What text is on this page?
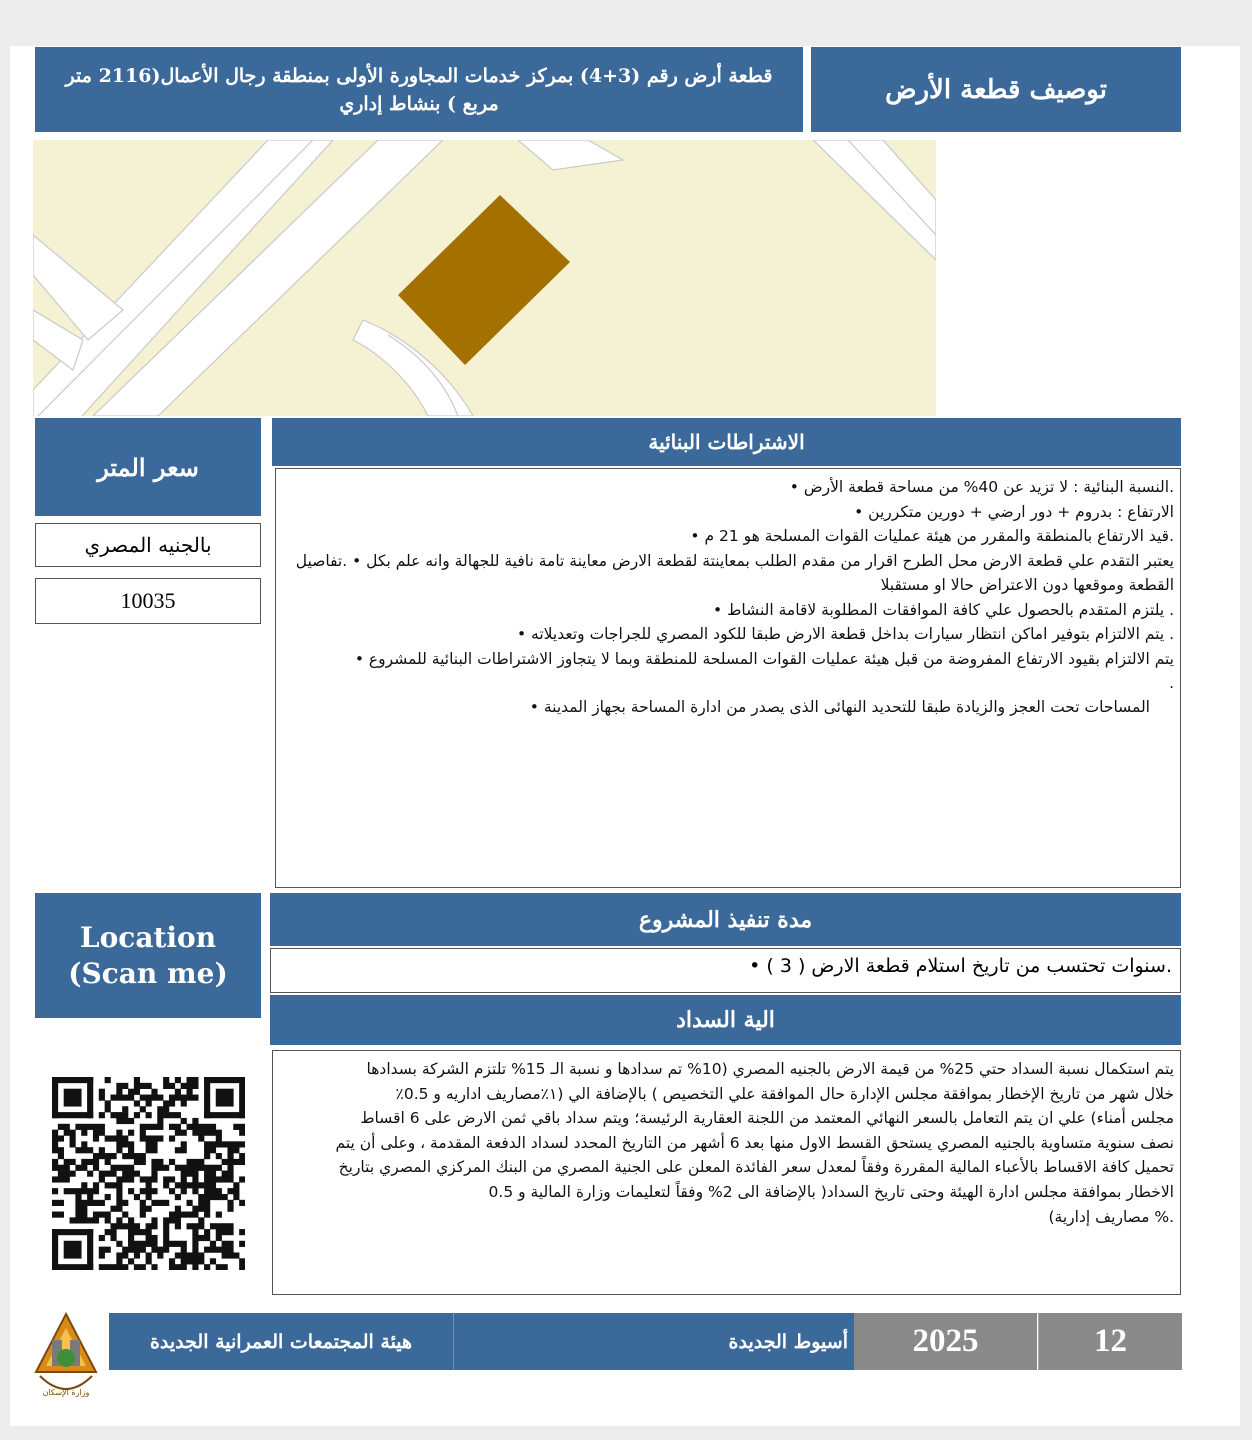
قطعة أرض رقم (3+4) بمركز خدمات المجاورة الأولى بمنطقة رجال الأعمال(2116 متر مربع ) بنشاط إداري	توصيف قطعة الأرض
سعر المتر
بالجنيه المصري
10035
الاشتراطات البنائية

.النسبة البنائية : لا تزيد عن 40% من مساحة قطعة الأرض •

الارتفاع : بدروم + دور ارضي + دورين متكررين •

.قيد الارتفاع بالمنطقة والمقرر من هيئة عمليات القوات المسلحة هو 21 م •

يعتبر التقدم علي قطعة الارض محل الطرح اقرار من مقدم الطلب بمعاينتة لقطعة الارض معاينة تامة نافية للجهالة وانه علم بكل • .تفاصيل القطعة وموقعها دون الاعتراض حالا او مستقبلا

. يلتزم المتقدم بالحصول علي كافة الموافقات المطلوبة لاقامة النشاط •

. يتم الالتزام بتوفير اماكن انتظار سيارات بداخل قطعة الارض طبقا للكود المصري للجراجات وتعديلاته •

يتم الالتزام بقيود الارتفاع المفروضة من قبل هيئة عمليات القوات المسلحة للمنطقة وبما لا يتجاوز الاشتراطات البنائية للمشروع •

.

المساحات تحت العجز والزيادة طبقا للتحديد النهائى الذى يصدر من ادارة المساحة بجهاز المدينة •

Location
(Scan me)
مدة تنفيذ المشروع
.سنوات تحتسب من تاريخ استلام قطعة الارض ( 3 ) •
الية السداد

يتم استكمال نسبة السداد حتي 25% من قيمة الارض بالجنيه المصري (10% تم سدادها و نسبة الـ 15% تلتزم الشركة بسدادها

خلال شهر من تاريخ الإخطار بموافقة مجلس الإدارة حال الموافقة علي التخصيص ) بالإضافة الي (١٪مصاريف اداريه و 0.5٪

مجلس أمناء) علي ان يتم التعامل بالسعر النهائي المعتمد من اللجنة العقارية الرئيسة؛ ويتم سداد باقي ثمن الارض على 6 اقساط

نصف سنوية متساوية بالجنيه المصري يستحق القسط الاول منها بعد 6 أشهر من التاريخ المحدد لسداد الدفعة المقدمة ، وعلى أن يتم

تحميل كافة الاقساط بالأعباء المالية المقررة وفقاً لمعدل سعر الفائدة المعلن على الجنية المصري من البنك المركزي المصري بتاريخ

الاخطار بموافقة مجلس ادارة الهيئة وحتى تاريخ السداد( بالإضافة الى 2% وفقاً لتعليمات وزارة المالية و 0.5

.% مصاريف إدارية)

وزارة الإسكان
هيئة المجتمعات العمرانية الجديدة	أسيوط الجديدة 2025	12
